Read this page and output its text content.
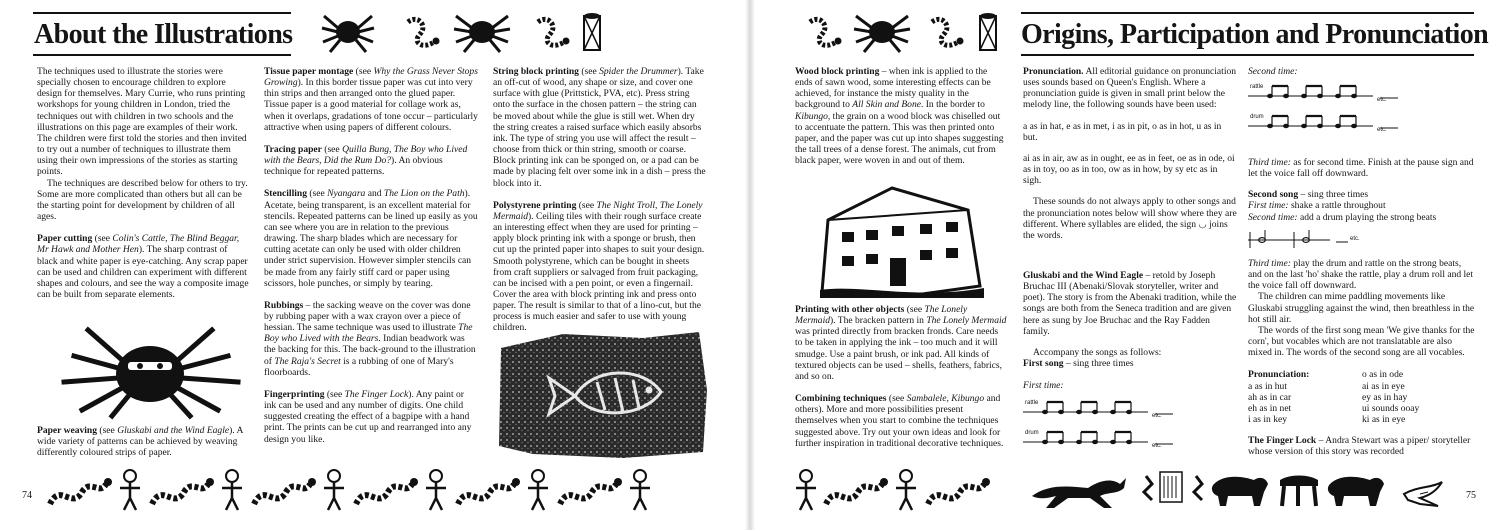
About the Illustrations

The techniques used to illustrate the stories were specially chosen to encourage children to explore design for themselves. Mary Currie, who runs printing workshops for young children in London, tried the techniques out with children in two schools and the illustrations on this page are examples of their work. The children were first told the stories and then invited to try out a number of techniques to illustrate them using their own impressions of the stories as starting points.

The techniques are described below for others to try. Some are more complicated than others but all can be the starting point for development by children of all ages.

Paper cutting (see Colin's Cattle, The Blind Beggar, Mr Hawk and Mother Hen). The sharp contrast of black and white paper is eye-catching. Any scrap paper can be used and children can experiment with different shapes and colours, and see the way a composite image can be built from separate elements.

Paper weaving (see Gluskabi and the Wind Eagle). A wide variety of patterns can be achieved by weaving differently coloured strips of paper.

Tissue paper montage (see Why the Grass Never Stops Growing). In this border tissue paper was cut into very thin strips and then arranged onto the glued paper. Tissue paper is a good material for collage work as, when it overlaps, gradations of tone occur – particularly attractive when using papers of different colours.

Tracing paper (see Quilla Bung, The Boy who Lived with the Bears, Did the Rum Do?). An obvious technique for repeated patterns.

Stencilling (see Nyangara and The Lion on the Path). Acetate, being transparent, is an excellent material for stencils. Repeated patterns can be lined up easily as you can see where you are in relation to the previous drawing. The sharp blades which are necessary for cutting acetate can only be used with older children under strict supervision. However simpler stencils can be made from any fairly stiff card or paper using scissors, hole punches, or simply by tearing.

Rubbings – the sacking weave on the cover was done by rubbing paper with a wax crayon over a piece of hessian. The same technique was used to illustrate The Boy who Lived with the Bears. Indian beadwork was the backing for this. The back-ground to the illustration of The Raja's Secret is a rubbing of one of Mary's floorboards.

Fingerprinting (see The Finger Lock). Any paint or ink can be used and any number of digits. One child suggested creating the effect of a bagpipe with a hand print. The prints can be cut up and rearranged into any design you like.

String block printing (see Spider the Drummer). Take an off-cut of wood, any shape or size, and cover one surface with glue (Prittstick, PVA, etc). Press string onto the surface in the chosen pattern – the string can be moved about while the glue is still wet. When dry the string creates a raised surface which easily absorbs ink. The type of string you use will affect the result – choose from thick or thin string, smooth or coarse. Block printing ink can be sponged on, or a pad can be made by placing felt over some ink in a dish – press the block into it.

Polystyrene printing (see The Night Troll, The Lonely Mermaid). Ceiling tiles with their rough surface create an interesting effect when they are used for printing – apply block printing ink with a sponge or brush, then cut up the printed paper into shapes to suit your design. Smooth polystyrene, which can be bought in sheets from craft suppliers or salvaged from fruit packaging, can be incised with a pen point, or even a fingernail. Cover the area with block printing ink and press onto paper. The result is similar to that of a lino-cut, but the process is much easier and safer to use with young children.

74
Origins, Participation and Pronunciation

Wood block printing – when ink is applied to the ends of sawn wood, some interesting effects can be achieved, for instance the misty quality in the background to All Skin and Bone. In the border to Kibungo, the grain on a wood block was chiselled out to accentuate the pattern. This was then printed onto paper, and the paper was cut up into shapes suggesting the tall trees of a dense forest. The animals, cut from black paper, were woven in and out of them.

Printing with other objects (see The Lonely Mermaid). The bracken pattern in The Lonely Mermaid was printed directly from bracken fronds. Care needs to be taken in applying the ink – too much and it will smudge. Use a paint brush, or ink pad. All kinds of textured objects can be used – shells, feathers, fabrics, and so on.

Combining techniques (see Sambalele, Kibungo and others). More and more possibilities present themselves when you start to combine the techniques suggested above. Try out your own ideas and look for further inspiration in traditional decorative techniques.

Pronunciation. All editorial guidance on pronunciation uses sounds based on Queen's English. Where a pronunciation guide is given in small print below the melody line, the following sounds have been used:

a as in hat, e as in met, i as in pit, o as in hot, u as in but.

ai as in air, aw as in ought, ee as in feet, oe as in ode, oi as in toy, oo as in too, ow as in how, by sy etc as in sigh.

These sounds do not always apply to other songs and the pronunciation notes below will show where they are different. Where syllables are elided, the sign ◡ joins the words.

Gluskabi and the Wind Eagle – retold by Joseph Bruchac III (Abenaki/Slovak storyteller, writer and poet). The story is from the Abenaki tradition, while the songs are both from the Seneca tradition and are given here as sung by Joe Bruchac and the Ray Fadden family.

Accompany the songs as follows:

First song – sing three times

First time:

rattle
drum
etc.
etc.

Second time:

rattle
drum
etc.
etc.

Third time: as for second time. Finish at the pause sign and let the voice fall off downward.

Second song – sing three times

First time: shake a rattle throughout

Second time: add a drum playing the strong beats

etc.

Third time: play the drum and rattle on the strong beats, and on the last 'ho' shake the rattle, play a drum roll and let the voice fall off downward.

The children can mime paddling movements like Gluskabi struggling against the wind, then breathless in the hot still air.

The words of the first song mean 'We give thanks for the corn', but vocables which are not translatable are also mixed in. The words of the second song are all vocables.

Pronunciation:

a as in hut
ah as in car
eh as in net
i as in key
o as in ode
ai as in eye
ey as in hay
ui sounds ooay
ki as in eye

The Finger Lock – Andra Stewart was a piper/ storyteller whose version of this story was recorded

75
